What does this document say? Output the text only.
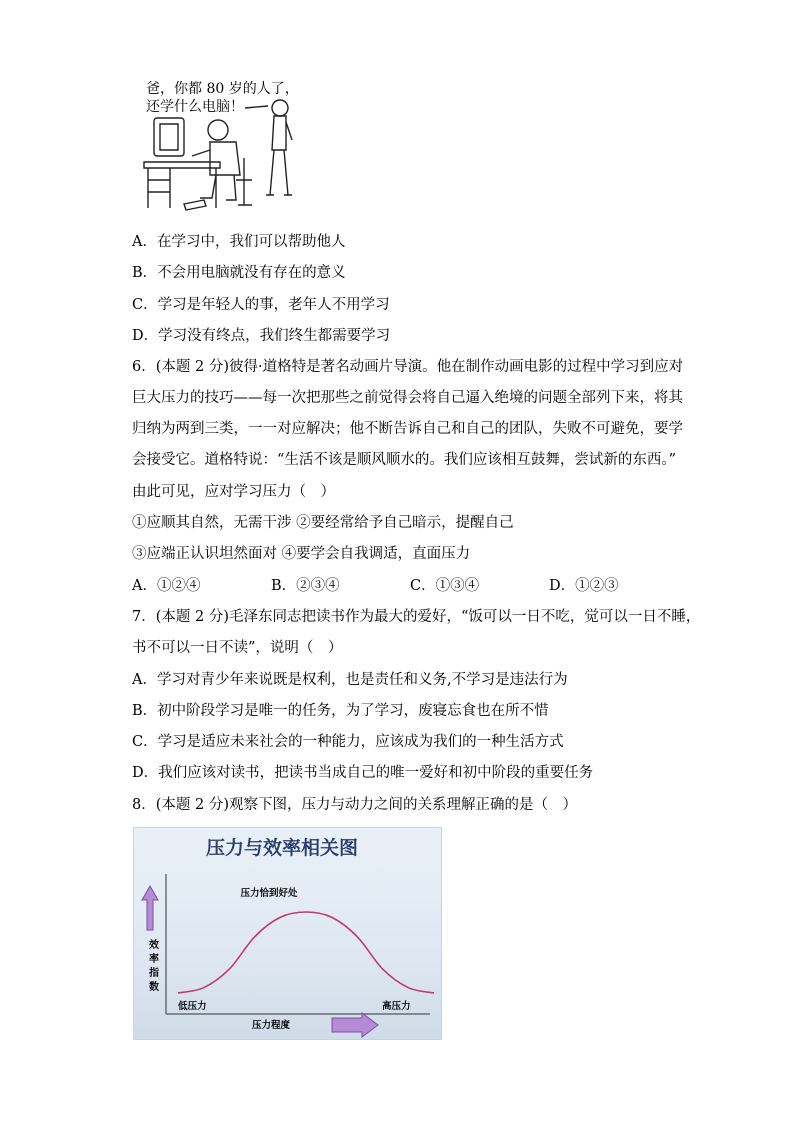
爸，你都 80 岁的人了，
还学什么电脑！
A．在学习中，我们可以帮助他人
B．不会用电脑就没有存在的意义
C．学习是年轻人的事，老年人不用学习
D．学习没有终点，我们终生都需要学习
6．(本题 2 分)彼得·道格特是著名动画片导演。他在制作动画电影的过程中学习到应对
巨大压力的技巧——每一次把那些之前觉得会将自己逼入绝境的问题全部列下来，将其
归纳为两到三类，一一对应解决；他不断告诉自己和自己的团队，失败不可避免，要学
会接受它。道格特说：“生活不该是顺风顺水的。我们应该相互鼓舞，尝试新的东西。”
由此可见，应对学习压力（　）
①应顺其自然，无需干涉 ②要经常给予自己暗示，提醒自己
③应端正认识坦然面对 ④要学会自我调适，直面压力
A．①②④	B．②③④	C．①③④	D．①②③
7．(本题 2 分)毛泽东同志把读书作为最大的爱好，“饭可以一日不吃，觉可以一日不睡，
书不可以一日不读”，说明（　）
A．学习对青少年来说既是权利，也是责任和义务,不学习是违法行为
B．初中阶段学习是唯一的任务，为了学习，废寝忘食也在所不惜
C．学习是适应未来社会的一种能力，应该成为我们的一种生活方式
D．我们应该对读书，把读书当成自己的唯一爱好和初中阶段的重要任务
8．(本题 2 分)观察下图，压力与动力之间的关系理解正确的是（　）
压力与效率相关图
压力恰到好处
效
率
指
数
低压力	高压力
压力程度
